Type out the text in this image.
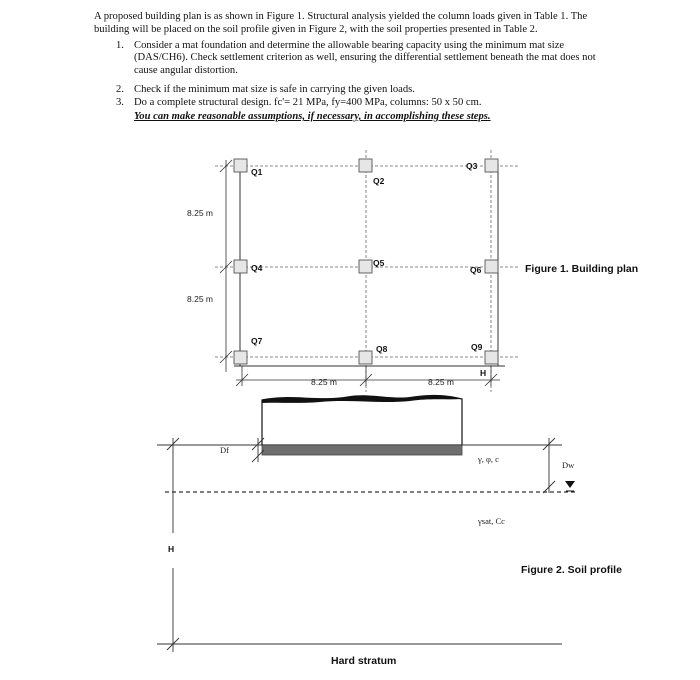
A proposed building plan is as shown in Figure 1. Structural analysis yielded the column loads given in Table 1. The
building will be placed on the soil profile given in Figure 2, with the soil properties presented in Table 2.
1. Consider a mat foundation and determine the allowable bearing capacity using the minimum mat size (DAS/CH6). Check settlement criterion as well, ensuring the differential settlement beneath the mat does not cause angular distortion.
2. Check if the minimum mat size is safe in carrying the given loads.
3. Do a complete structural design. fc'= 21 MPa, fy=400 MPa, columns: 50 x 50 cm.
You can make reasonable assumptions, if necessary, in accomplishing these steps.
Q1
Q2
Q3
Q4	Q5
Q6
Q7
Q8	Q9
8.25 m
8.25 m
8.25 m	8.25 m
H
Figure 1. Building plan
Df
Dw
γ, φ, c
γsat, Cc
H
Hard stratum
Figure 2. Soil profile
